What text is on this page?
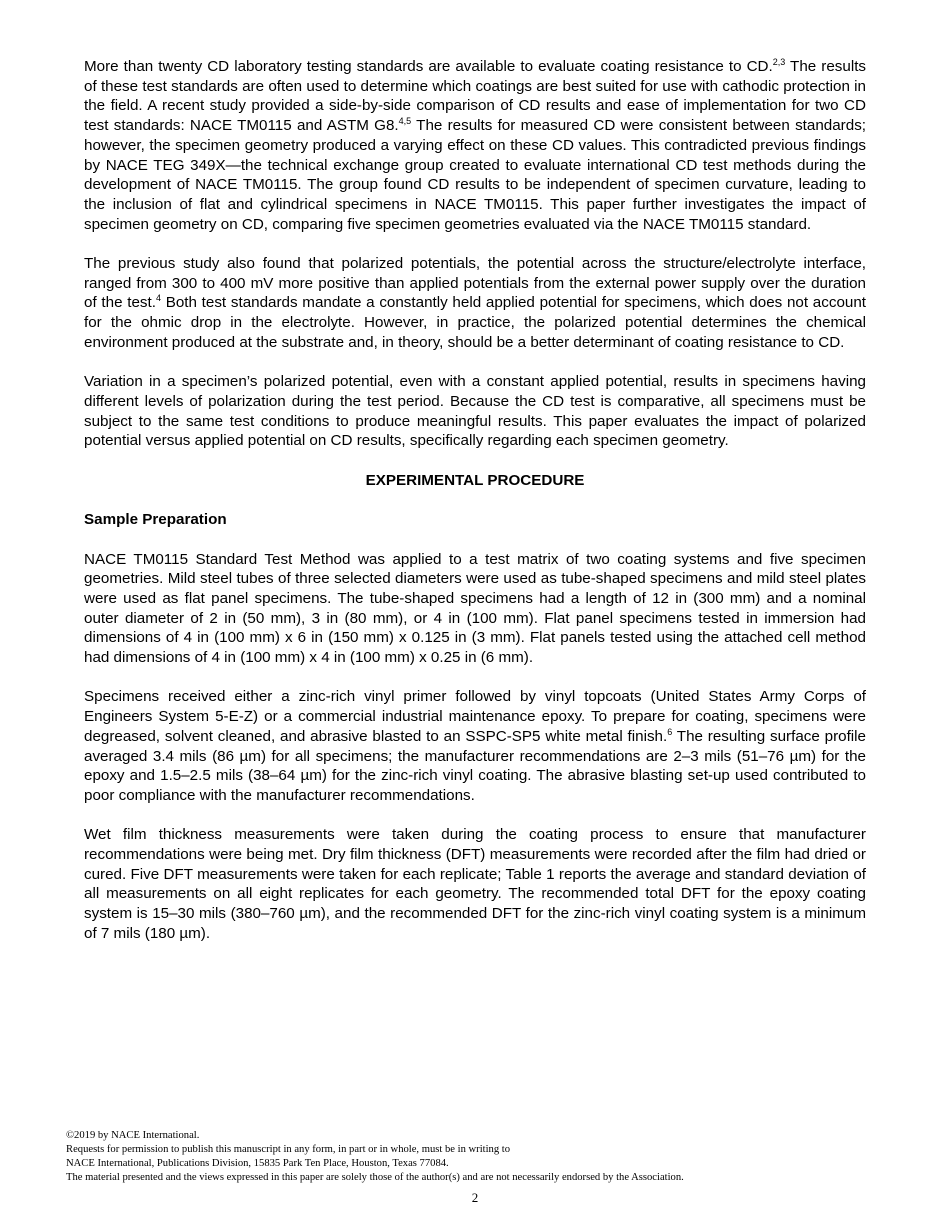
More than twenty CD laboratory testing standards are available to evaluate coating resistance to CD.$^{2,3}$ The results of these test standards are often used to determine which coatings are best suited for use with cathodic protection in the field. A recent study provided a side-by-side comparison of CD results and ease of implementation for two CD test standards: NACE TM0115 and ASTM G8.$^{4,5}$ The results for measured CD were consistent between standards; however, the specimen geometry produced a varying effect on these CD values. This contradicted previous findings by NACE TEG 349X—the technical exchange group created to evaluate international CD test methods during the development of NACE TM0115. The group found CD results to be independent of specimen curvature, leading to the inclusion of flat and cylindrical specimens in NACE TM0115. This paper further investigates the impact of specimen geometry on CD, comparing five specimen geometries evaluated via the NACE TM0115 standard.

The previous study also found that polarized potentials, the potential across the structure/electrolyte interface, ranged from 300 to 400 mV more positive than applied potentials from the external power supply over the duration of the test.$^4$ Both test standards mandate a constantly held applied potential for specimens, which does not account for the ohmic drop in the electrolyte. However, in practice, the polarized potential determines the chemical environment produced at the substrate and, in theory, should be a better determinant of coating resistance to CD.

Variation in a specimen’s polarized potential, even with a constant applied potential, results in specimens having different levels of polarization during the test period. Because the CD test is comparative, all specimens must be subject to the same test conditions to produce meaningful results. This paper evaluates the impact of polarized potential versus applied potential on CD results, specifically regarding each specimen geometry.

EXPERIMENTAL PROCEDURE
Sample Preparation

NACE TM0115 Standard Test Method was applied to a test matrix of two coating systems and five specimen geometries. Mild steel tubes of three selected diameters were used as tube-shaped specimens and mild steel plates were used as flat panel specimens. The tube-shaped specimens had a length of 12 in (300 mm) and a nominal outer diameter of 2 in (50 mm), 3 in (80 mm), or 4 in (100 mm). Flat panel specimens tested in immersion had dimensions of 4 in (100 mm) x 6 in (150 mm) x 0.125 in (3 mm). Flat panels tested using the attached cell method had dimensions of 4 in (100 mm) x 4 in (100 mm) x 0.25 in (6 mm).

Specimens received either a zinc-rich vinyl primer followed by vinyl topcoats (United States Army Corps of Engineers System 5-E-Z) or a commercial industrial maintenance epoxy. To prepare for coating, specimens were degreased, solvent cleaned, and abrasive blasted to an SSPC-SP5 white metal finish.$^6$ The resulting surface profile averaged 3.4 mils (86 µm) for all specimens; the manufacturer recommendations are 2–3 mils (51–76 µm) for the epoxy and 1.5–2.5 mils (38–64 µm) for the zinc-rich vinyl coating. The abrasive blasting set-up used contributed to poor compliance with the manufacturer recommendations.

Wet film thickness measurements were taken during the coating process to ensure that manufacturer recommendations were being met. Dry film thickness (DFT) measurements were recorded after the film had dried or cured. Five DFT measurements were taken for each replicate; Table 1 reports the average and standard deviation of all measurements on all eight replicates for each geometry. The recommended total DFT for the epoxy coating system is 15–30 mils (380–760 µm), and the recommended DFT for the zinc-rich vinyl coating system is a minimum of 7 mils (180 µm).

©2019 by NACE International.
Requests for permission to publish this manuscript in any form, in part or in whole, must be in writing to
NACE International, Publications Division, 15835 Park Ten Place, Houston, Texas 77084.
The material presented and the views expressed in this paper are solely those of the author(s) and are not necessarily endorsed by the Association.
2
